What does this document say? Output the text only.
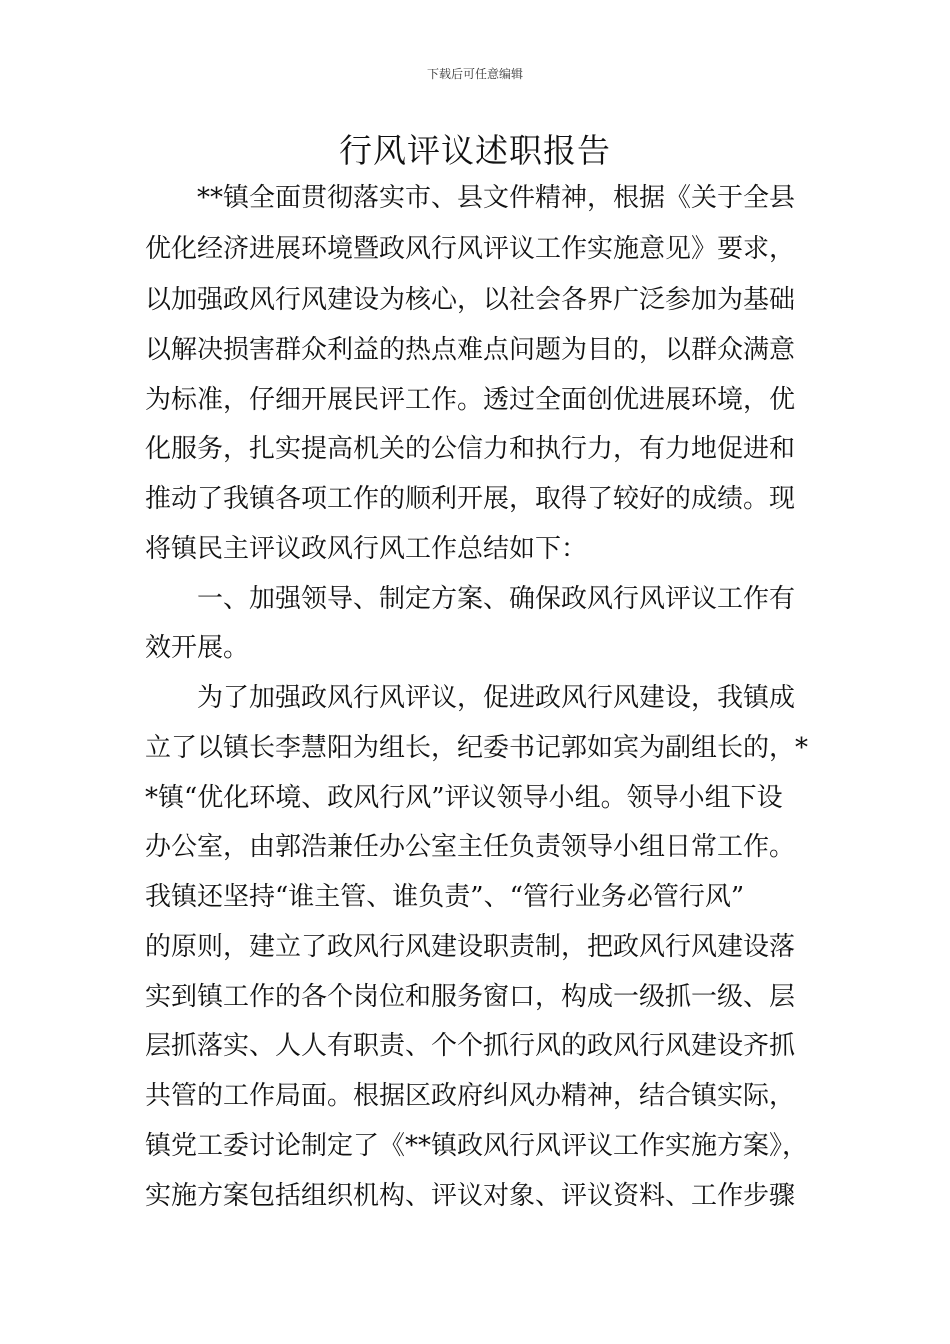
下载后可任意编辑
行风评议述职报告
　　**镇全面贯彻落实市、县文件精神，根据《关于全县
优化经济进展环境暨政风行风评议工作实施意见》要求，
以加强政风行风建设为核心，以社会各界广泛参加为基础
以解决损害群众利益的热点难点问题为目的，以群众满意
为标准，仔细开展民评工作。透过全面创优进展环境，优
化服务，扎实提高机关的公信力和执行力，有力地促进和
推动了我镇各项工作的顺利开展，取得了较好的成绩。现
将镇民主评议政风行风工作总结如下：
　　一、加强领导、制定方案、确保政风行风评议工作有
效开展。
　　为了加强政风行风评议，促进政风行风建设，我镇成
立了以镇长李慧阳为组长，纪委书记郭如宾为副组长的，*
*镇“优化环境、政风行风”评议领导小组。领导小组下设
办公室，由郭浩兼任办公室主任负责领导小组日常工作。
我镇还坚持“谁主管、谁负责”、“管行业务必管行风”
的原则，建立了政风行风建设职责制，把政风行风建设落
实到镇工作的各个岗位和服务窗口，构成一级抓一级、层
层抓落实、人人有职责、个个抓行风的政风行风建设齐抓
共管的工作局面。根据区政府纠风办精神，结合镇实际，
镇党工委讨论制定了《**镇政风行风评议工作实施方案》，
实施方案包括组织机构、评议对象、评议资料、工作步骤
